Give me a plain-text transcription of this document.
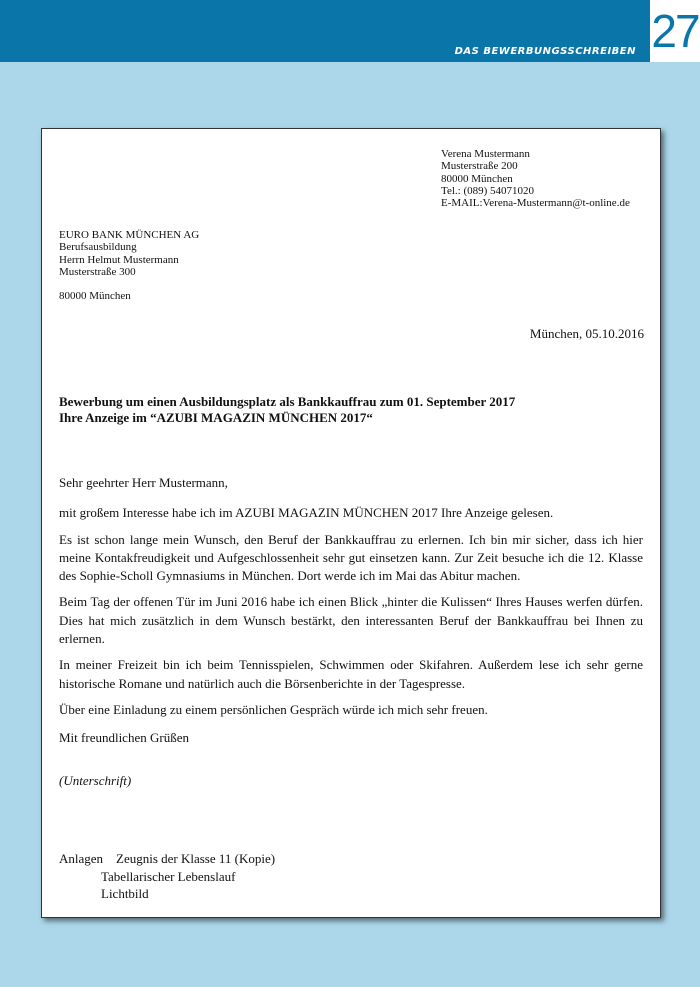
DAS BEWERBUNGSSCHREIBEN 27
Verena Mustermann
Musterstraße 200
80000 München
Tel.: (089) 54071020
E-MAIL:Verena-Mustermann@t-online.de
EURO BANK MÜNCHEN AG
Berufsausbildung
Herrn Helmut Mustermann
Musterstraße 300
80000 München
München, 05.10.2016
Bewerbung um einen Ausbildungsplatz als Bankkauffrau zum 01. September 2017
Ihre Anzeige im “AZUBI MAGAZIN MÜNCHEN 2017“

Sehr geehrter Herr Mustermann,

mit großem Interesse habe ich im AZUBI MAGAZIN MÜNCHEN 2017 Ihre Anzeige gelesen.

Es ist schon lange mein Wunsch, den Beruf der Bankkauffrau zu erlernen. Ich bin mir sicher, dass ich hier meine Kontakfreudigkeit und Aufgeschlossenheit sehr gut einsetzen kann. Zur Zeit besuche ich die 12. Klasse des Sophie-Scholl Gymnasiums in München. Dort werde ich im Mai das Abitur machen.

Beim Tag der offenen Tür im Juni 2016 habe ich einen Blick „hinter die Kulissen“ Ihres Hauses werfen dürfen. Dies hat mich zusätzlich in dem Wunsch bestärkt, den interessanten Beruf der Bankkauffrau bei Ihnen zu erlernen.

In meiner Freizeit bin ich beim Tennisspielen, Schwimmen oder Skifahren. Außerdem lese ich sehr gerne historische Romane und natürlich auch die Börsenberichte in der Tagespresse.

Über eine Einladung zu einem persönlichen Gespräch würde ich mich sehr freuen.

Mit freundlichen Grüßen
(Unterschrift)
Anlagen Zeugnis der Klasse 11 (Kopie)
Tabellarischer Lebenslauf
Lichtbild
